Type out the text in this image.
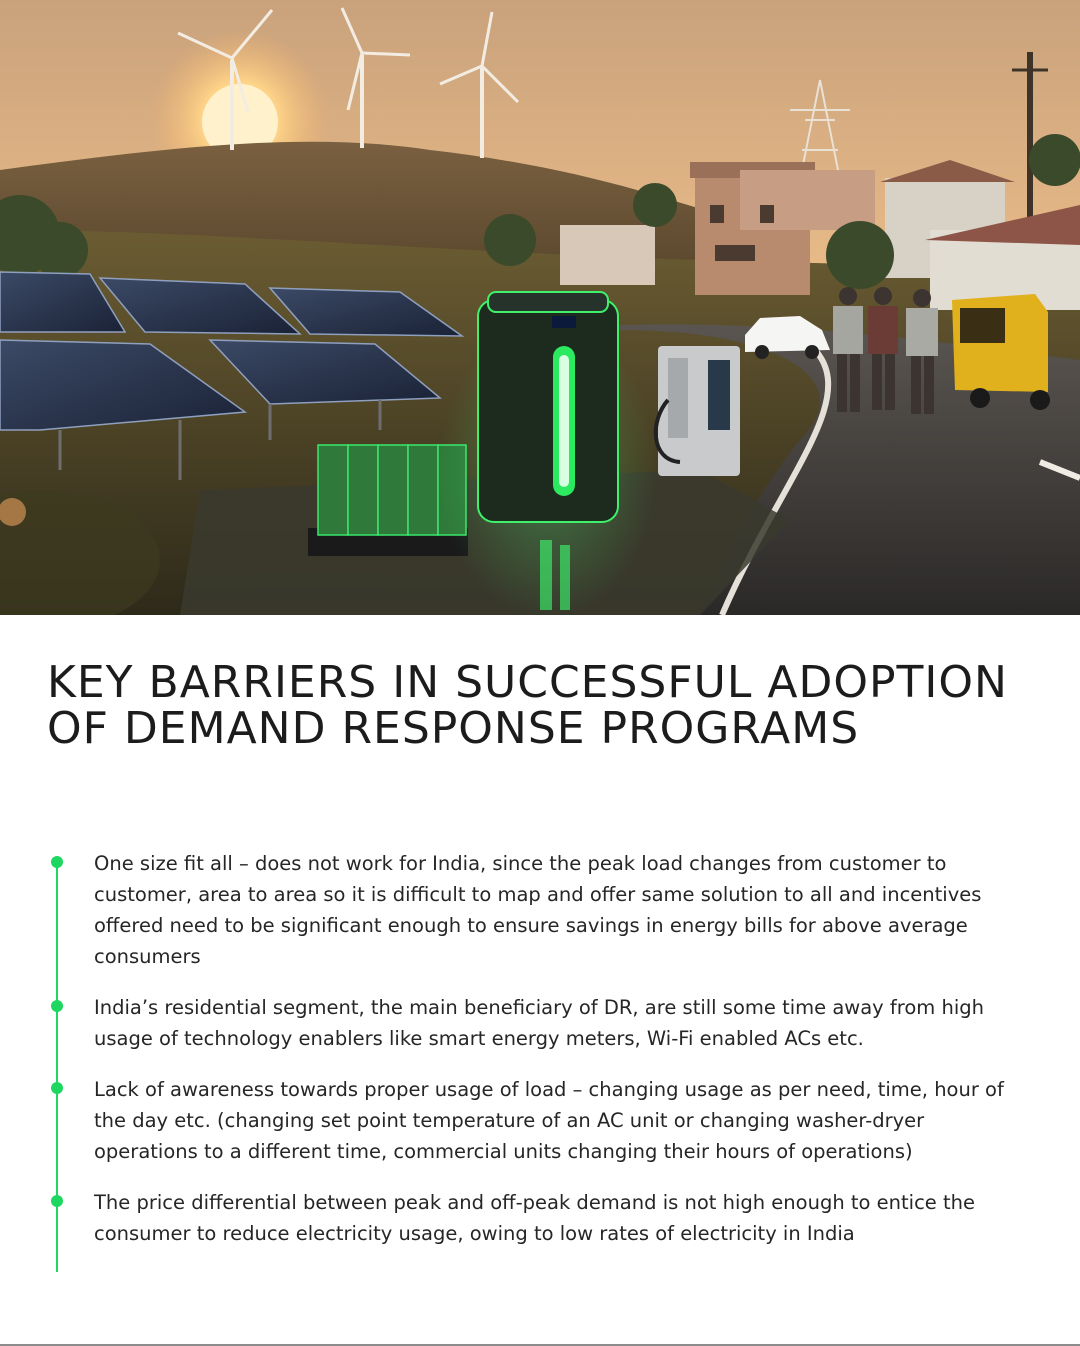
KEY BARRIERS IN SUCCESSFUL ADOPTION OF DEMAND RESPONSE PROGRAMS

One size fit all – does not work for India, since the peak load changes from customer to customer, area to area so it is difficult to map and offer same solution to all and incentives offered need to be significant enough to ensure savings in energy bills for above average consumers

India’s residential segment, the main beneficiary of DR, are still some time away from high usage of technology enablers like smart energy meters, Wi-Fi enabled ACs etc.

Lack of awareness towards proper usage of load – changing usage as per need, time, hour of the day etc. (changing set point temperature of an AC unit or changing washer-dryer operations to a different time, commercial units changing their hours of operations)

The price differential between peak and off-peak demand is not high enough to entice the consumer to reduce electricity usage, owing to low rates of electricity in India
